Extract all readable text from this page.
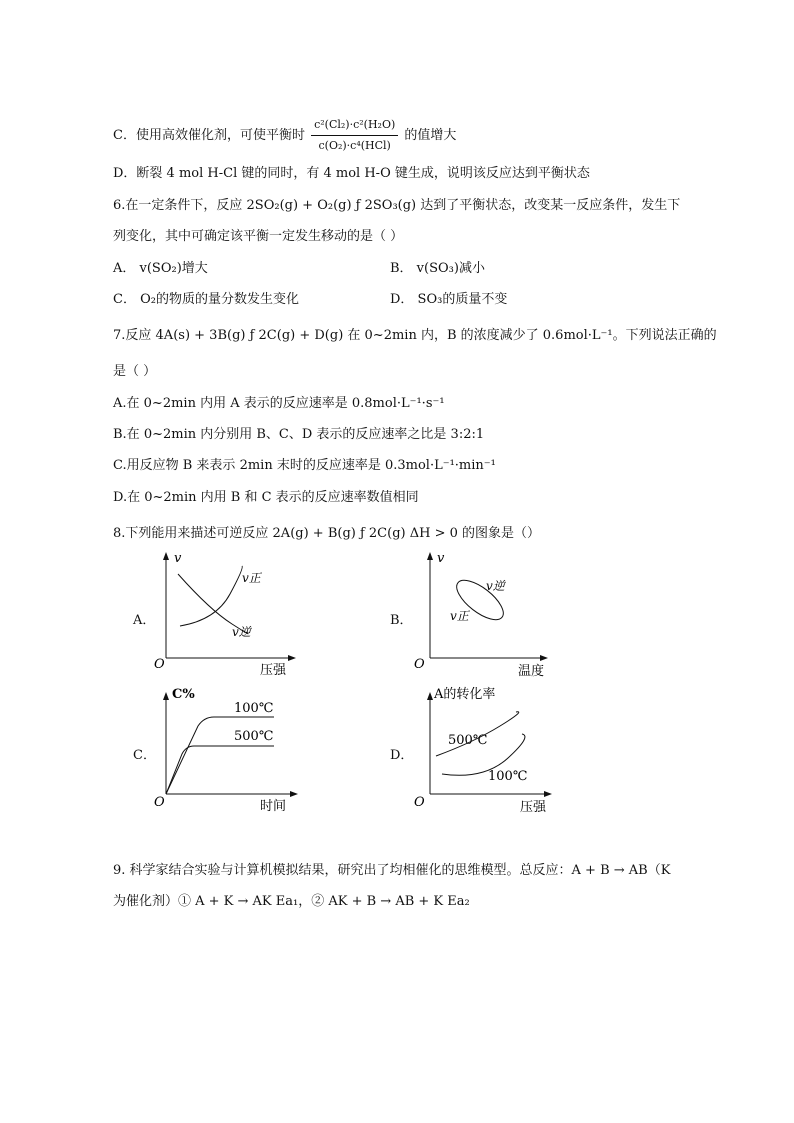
C．使用高效催化剂，可使平衡时 $\frac{\text{c²(Cl₂)·c²(H₂O)}}{\text{c(O₂)·c⁴(HCl)}}$ 的值增大
D．断裂 4 mol H-Cl 键的同时，有 4 mol H-O 键生成，说明该反应达到平衡状态
6.在一定条件下，反应 2SO₂(g) + O₂(g) ƒ 2SO₃(g) 达到了平衡状态，改变某一反应条件，发生下
列变化，其中可确定该平衡一定发生移动的是（ ）
A． v(SO₂)增大	B． v(SO₃)减小
C． O₂的物质的量分数发生变化	D． SO₃的质量不变
7.反应 4A(s) + 3B(g) ƒ 2C(g) + D(g) 在 0~2min 内，B 的浓度减少了 0.6mol·L⁻¹。下列说法正确的
是（ ）
A.在 0~2min 内用 A 表示的反应速率是 0.8mol·L⁻¹·s⁻¹
B.在 0~2min 内分别用 B、C、D 表示的反应速率之比是 3:2:1
C.用反应物 B 来表示 2min 末时的反应速率是 0.3mol·L⁻¹·min⁻¹
D.在 0~2min 内用 B 和 C 表示的反应速率数值相同
8.下列能用来描述可逆反应 2A(g) + B(g) ƒ 2C(g) ΔH > 0 的图象是（）
A．
v
O	压强
v正
v逆
B．
v
O	温度
v逆
v正
C．
C%
O	时间
100℃
500℃
D．
A的转化率
O	压强
500℃
100℃
9. 科学家结合实验与计算机模拟结果，研究出了均相催化的思维模型。总反应：A + B → AB（K
为催化剂）① A + K → AK Ea₁，② AK + B → AB + K Ea₂
